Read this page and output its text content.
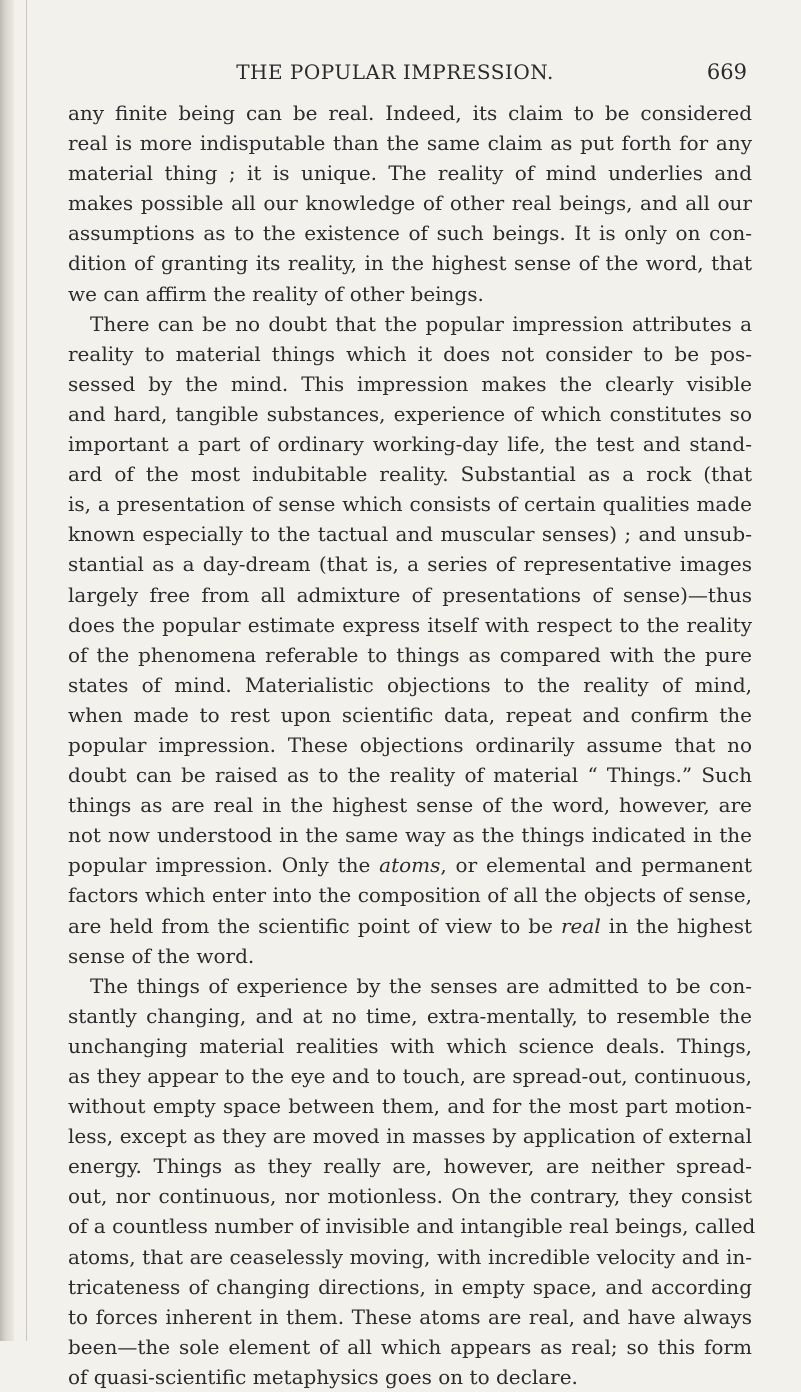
THE POPULAR IMPRESSION.	669
any finite being can be real. Indeed, its claim to be considered
real is more indisputable than the same claim as put forth for any
material thing ; it is unique. The reality of mind underlies and
makes possible all our knowledge of other real beings, and all our
assumptions as to the existence of such beings. It is only on con-
dition of granting its reality, in the highest sense of the word, that
we can affirm the reality of other beings.
There can be no doubt that the popular impression attributes a
reality to material things which it does not consider to be pos-
sessed by the mind. This impression makes the clearly visible
and hard, tangible substances, experience of which constitutes so
important a part of ordinary working-day life, the test and stand-
ard of the most indubitable reality. Substantial as a rock (that
is, a presentation of sense which consists of certain qualities made
known especially to the tactual and muscular senses) ; and unsub-
stantial as a day-dream (that is, a series of representative images
largely free from all admixture of presentations of sense)—thus
does the popular estimate express itself with respect to the reality
of the phenomena referable to things as compared with the pure
states of mind. Materialistic objections to the reality of mind,
when made to rest upon scientific data, repeat and confirm the
popular impression. These objections ordinarily assume that no
doubt can be raised as to the reality of material “ Things.” Such
things as are real in the highest sense of the word, however, are
not now understood in the same way as the things indicated in the
popular impression. Only the atoms, or elemental and permanent
factors which enter into the composition of all the objects of sense,
are held from the scientific point of view to be real in the highest
sense of the word.
The things of experience by the senses are admitted to be con-
stantly changing, and at no time, extra-mentally, to resemble the
unchanging material realities with which science deals. Things,
as they appear to the eye and to touch, are spread-out, continuous,
without empty space between them, and for the most part motion-
less, except as they are moved in masses by application of external
energy. Things as they really are, however, are neither spread-
out, nor continuous, nor motionless. On the contrary, they consist
of a countless number of invisible and intangible real beings, called
atoms, that are ceaselessly moving, with incredible velocity and in-
tricateness of changing directions, in empty space, and according
to forces inherent in them. These atoms are real, and have always
been—the sole element of all which appears as real; so this form
of quasi-scientific metaphysics goes on to declare.
